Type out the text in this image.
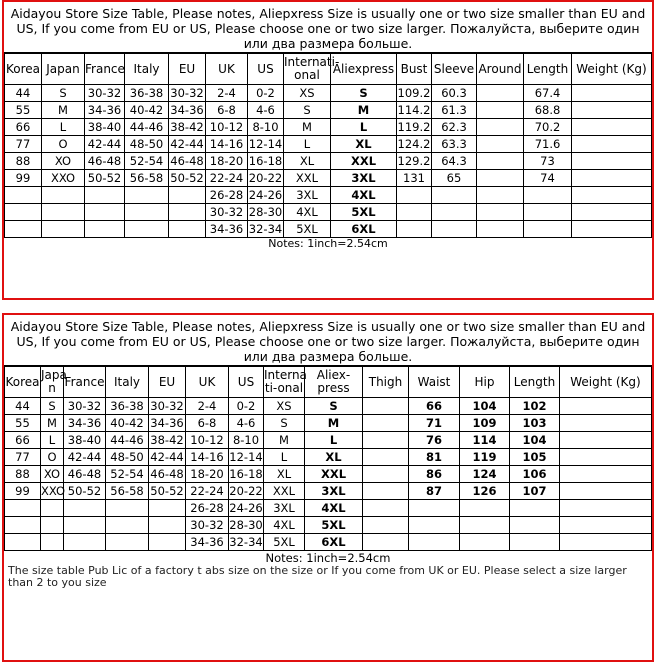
Aidayou Store Size Table, Please notes, Aliepxress Size is usually one or two size smaller than EU and US, If you come from EU or US, Please choose one or two size larger. Пожалуйста, выберите один или два размера больше.
Korea	Japan	France	Italy	EU	UK	US	Internati-onal	Aliexpress	Bust	Sleeve	Around	Length	Weight (Kg)
44	S	30-32	36-38	30-32	2-4	0-2	XS	S	109.2	60.3		67.4	
55	M	34-36	40-42	34-36	6-8	4-6	S	M	114.2	61.3		68.8	
66	L	38-40	44-46	38-42	10-12	8-10	M	L	119.2	62.3		70.2	
77	O	42-44	48-50	42-44	14-16	12-14	L	XL	124.2	63.3		71.6	
88	XO	46-48	52-54	46-48	18-20	16-18	XL	XXL	129.2	64.3		73	
99	XXO	50-52	56-58	50-52	22-24	20-22	XXL	3XL	131	65		74	
					26-28	24-26	3XL	4XL					
					30-32	28-30	4XL	5XL					
					34-36	32-34	5XL	6XL					
Notes: 1inch=2.54cm
Aidayou Store Size Table, Please notes, Aliepxress Size is usually one or two size smaller than EU and US, If you come from EU or US, Please choose one or two size larger. Пожалуйста, выберите один или два размера больше.
Korea	Japa n	France	Italy	EU	UK	US	Interna ti-onal	Aliex-press	Thigh	Waist	Hip	Length	Weight (Kg)
44	S	30-32	36-38	30-32	2-4	0-2	XS	S		66	104	102	
55	M	34-36	40-42	34-36	6-8	4-6	S	M		71	109	103	
66	L	38-40	44-46	38-42	10-12	8-10	M	L		76	114	104	
77	O	42-44	48-50	42-44	14-16	12-14	L	XL		81	119	105	
88	XO	46-48	52-54	46-48	18-20	16-18	XL	XXL		86	124	106	
99	XXO	50-52	56-58	50-52	22-24	20-22	XXL	3XL		87	126	107	
					26-28	24-26	3XL	4XL					
					30-32	28-30	4XL	5XL					
					34-36	32-34	5XL	6XL					
Notes: 1inch=2.54cm
The size table Pub Lic of a factory t abs size on the size or If you come from UK or EU. Please select a size larger than 2 to you size
